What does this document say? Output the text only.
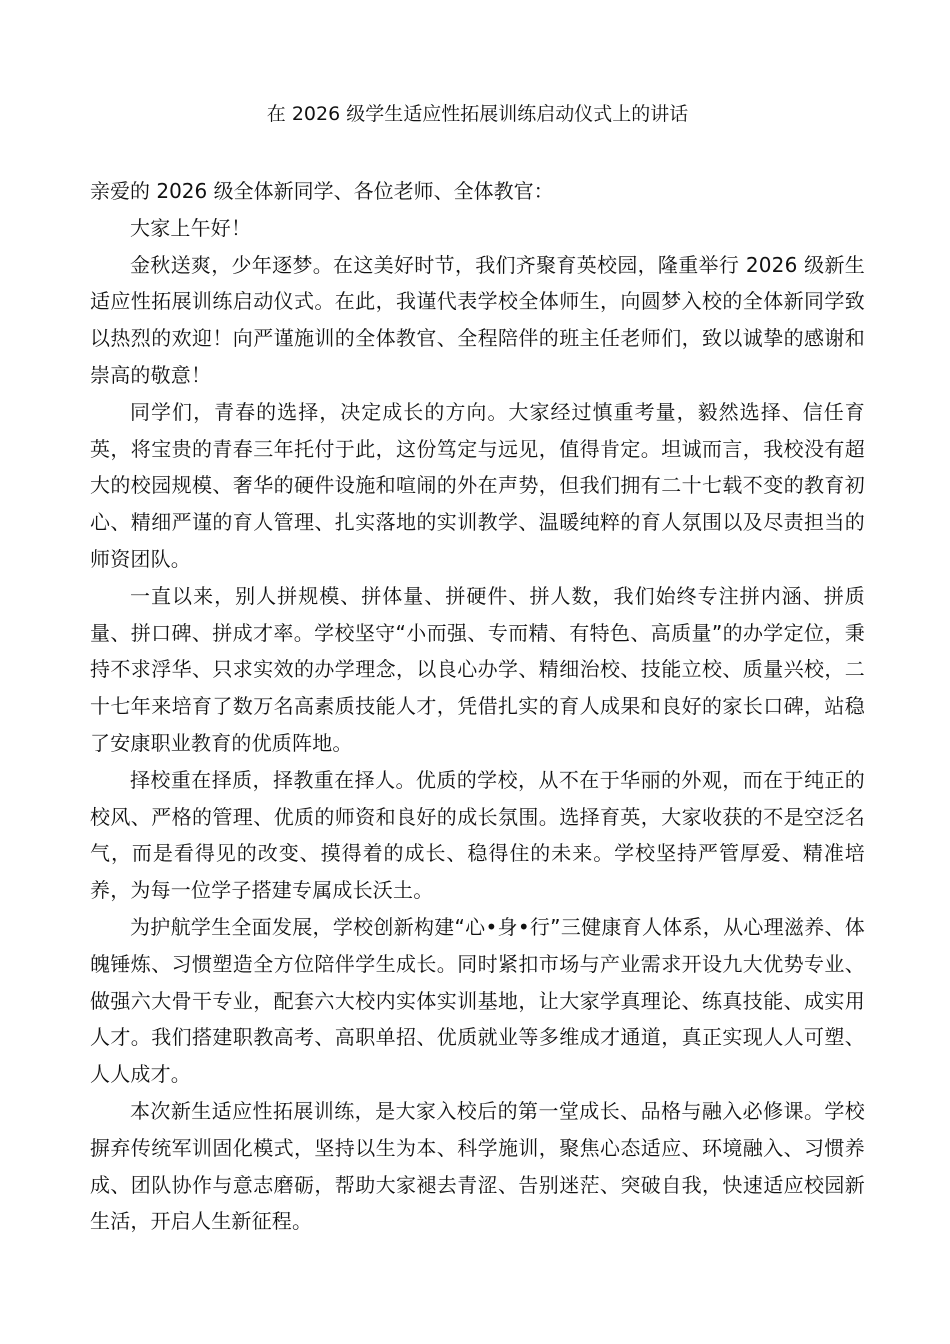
在 2026 级学生适应性拓展训练启动仪式上的讲话

亲爱的 2026 级全体新同学、各位老师、全体教官：

大家上午好！

金秋送爽，少年逐梦。在这美好时节，我们齐聚育英校园，隆重举行 2026 级新生适应性拓展训练启动仪式。在此，我谨代表学校全体师生，向圆梦入校的全体新同学致以热烈的欢迎！向严谨施训的全体教官、全程陪伴的班主任老师们，致以诚挚的感谢和崇高的敬意！

同学们，青春的选择，决定成长的方向。大家经过慎重考量，毅然选择、信任育英，将宝贵的青春三年托付于此，这份笃定与远见，值得肯定。坦诚而言，我校没有超大的校园规模、奢华的硬件设施和喧闹的外在声势，但我们拥有二十七载不变的教育初心、精细严谨的育人管理、扎实落地的实训教学、温暖纯粹的育人氛围以及尽责担当的师资团队。

一直以来，别人拼规模、拼体量、拼硬件、拼人数，我们始终专注拼内涵、拼质量、拼口碑、拼成才率。学校坚守“小而强、专而精、有特色、高质量”的办学定位，秉持不求浮华、只求实效的办学理念，以良心办学、精细治校、技能立校、质量兴校，二十七年来培育了数万名高素质技能人才，凭借扎实的育人成果和良好的家长口碑，站稳了安康职业教育的优质阵地。

择校重在择质，择教重在择人。优质的学校，从不在于华丽的外观，而在于纯正的校风、严格的管理、优质的师资和良好的成长氛围。选择育英，大家收获的不是空泛名气，而是看得见的改变、摸得着的成长、稳得住的未来。学校坚持严管厚爱、精准培养，为每一位学子搭建专属成长沃土。

为护航学生全面发展，学校创新构建“心•身•行”三健康育人体系，从心理滋养、体魄锤炼、习惯塑造全方位陪伴学生成长。同时紧扣市场与产业需求开设九大优势专业、做强六大骨干专业，配套六大校内实体实训基地，让大家学真理论、练真技能、成实用人才。我们搭建职教高考、高职单招、优质就业等多维成才通道，真正实现人人可塑、人人成才。

本次新生适应性拓展训练，是大家入校后的第一堂成长、品格与融入必修课。学校摒弃传统军训固化模式，坚持以生为本、科学施训，聚焦心态适应、环境融入、习惯养成、团队协作与意志磨砺，帮助大家褪去青涩、告别迷茫、突破自我，快速适应校园新生活，开启人生新征程。
